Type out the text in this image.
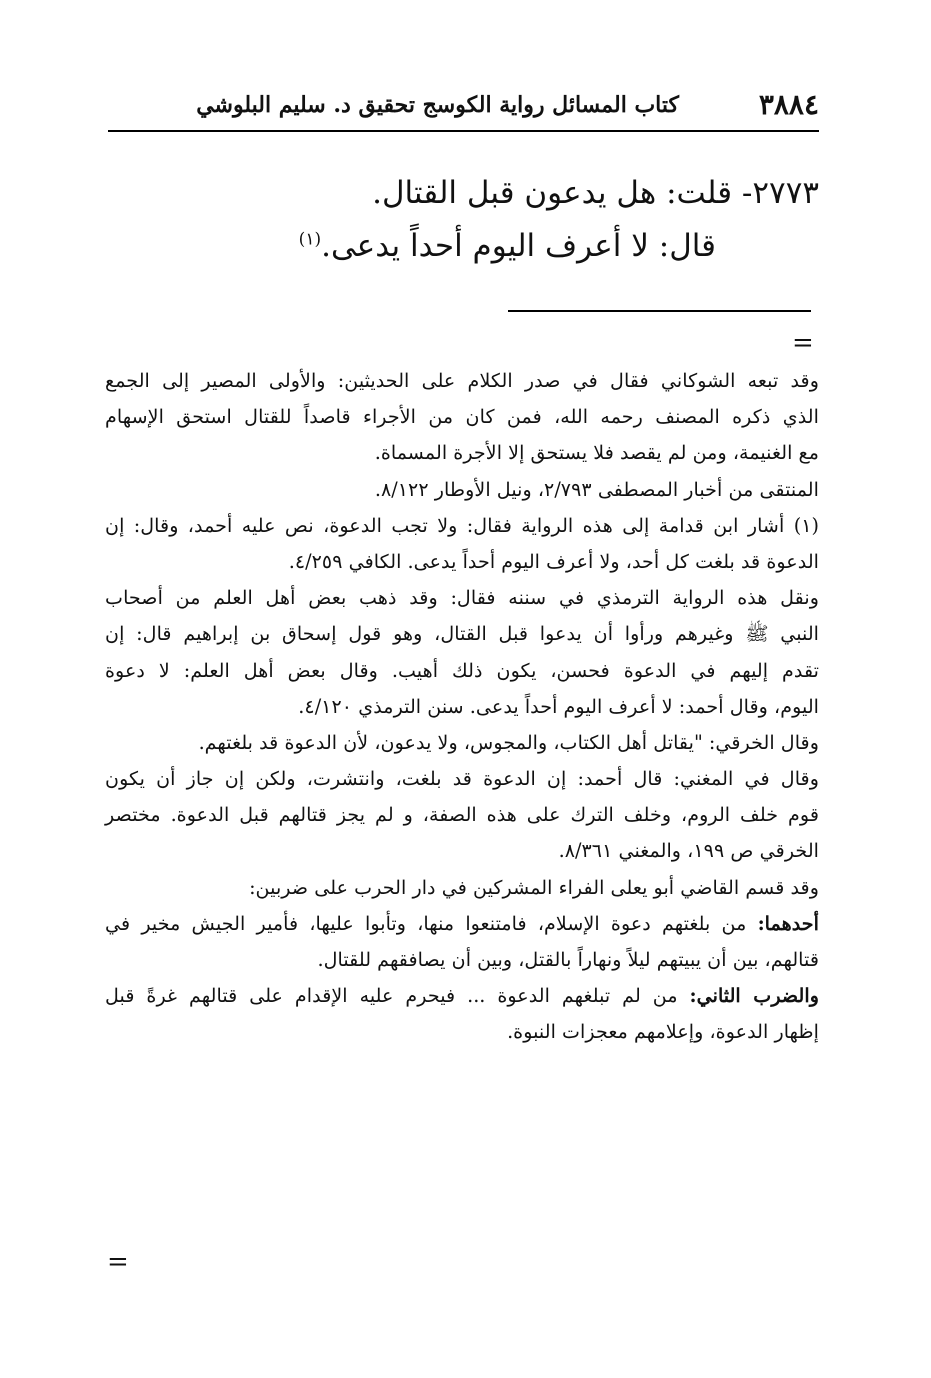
٣٨٨٤
كتاب المسائل رواية الكوسج تحقيق د. سليم البلوشي
٢٧٧٣- قلت: هل يدعون قبل القتال.
قال: لا أعرف اليوم أحداً يدعى.$^{(١)}$
=
وقد تبعه الشوكاني فقال في صدر الكلام على الحديثين: والأولى المصير إلى الجمع
الذي ذكره المصنف رحمه الله، فمن كان من الأجراء قاصداً للقتال استحق الإسهام
مع الغنيمة، ومن لم يقصد فلا يستحق إلا الأجرة المسماة.
المنتقى من أخبار المصطفى ٢/٧٩٣، ونيل الأوطار ٨/١٢٢.
(١) أشار ابن قدامة إلى هذه الرواية فقال: ولا تجب الدعوة، نص عليه أحمد، وقال: إن
الدعوة قد بلغت كل أحد، ولا أعرف اليوم أحداً يدعى. الكافي ٤/٢٥٩.
ونقل هذه الرواية الترمذي في سننه فقال: وقد ذهب بعض أهل العلم من أصحاب
النبي ﷺ وغيرهم ورأوا أن يدعوا قبل القتال، وهو قول إسحاق بن إبراهيم قال: إن
تقدم إليهم في الدعوة فحسن، يكون ذلك أهيب. وقال بعض أهل العلم: لا دعوة
اليوم، وقال أحمد: لا أعرف اليوم أحداً يدعى. سنن الترمذي ٤/١٢٠.
وقال الخرقي: "يقاتل أهل الكتاب، والمجوس، ولا يدعون، لأن الدعوة قد بلغتهم.
وقال في المغني: قال أحمد: إن الدعوة قد بلغت، وانتشرت، ولكن إن جاز أن يكون
قوم خلف الروم، وخلف الترك على هذه الصفة، و لم يجز قتالهم قبل الدعوة. مختصر
الخرقي ص ١٩٩، والمغني ٨/٣٦١.
وقد قسم القاضي أبو يعلى الفراء المشركين في دار الحرب على ضربين:
أحدهما: من بلغتهم دعوة الإسلام، فامتنعوا منها، وتأبوا عليها، فأمير الجيش مخير في
قتالهم، بين أن يبيتهم ليلاً ونهاراً بالقتل، وبين أن يصافقهم للقتال.
والضرب الثاني: من لم تبلغهم الدعوة ... فيحرم عليه الإقدام على قتالهم غرةً قبل
إظهار الدعوة، وإعلامهم معجزات النبوة.
=
